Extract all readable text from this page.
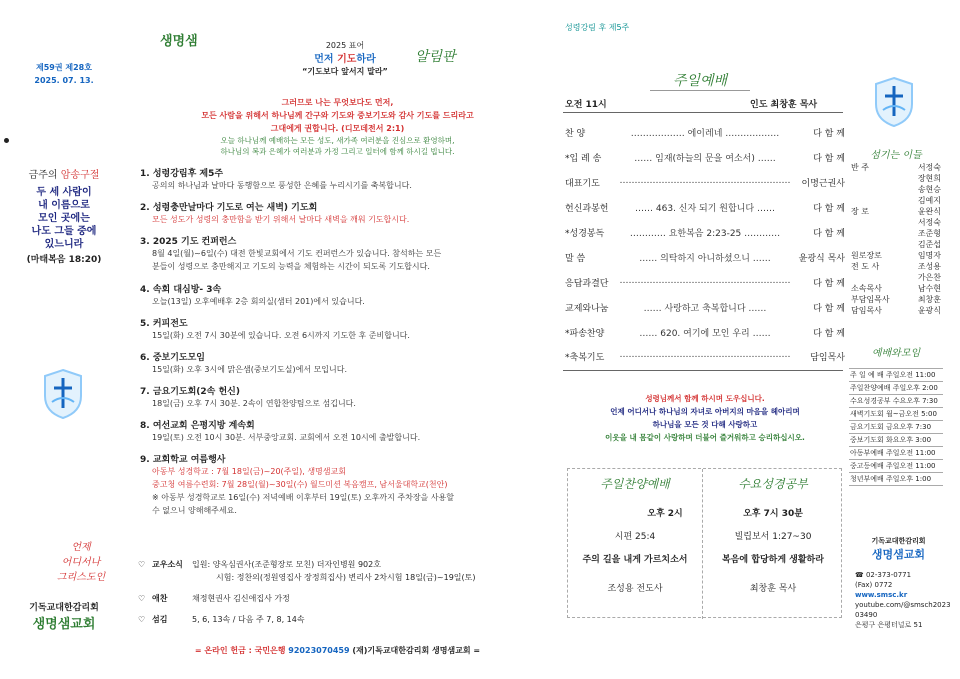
제59권 제28호
2025. 07. 13.
금주의 암송구절
두 세 사람이
내 이름으로
모인 곳에는
나도 그들 중에
있느니라
(마태복음 18:20)
언제
어디서나
그리스도인
기독교대한감리회
생명샘교회
생명샘	2025 표어
먼저 기도하라
“기도보다 앞서지 말라”
알림판
그러므로 나는 무엇보다도 먼저,
모든 사람을 위해서 하나님께 간구와 기도와 중보기도와 감사 기도를 드리라고
그대에게 권합니다. (디모데전서 2:1)
오늘 하나님께 예배하는 모든 성도, 새가족 여러분을 진심으로 환영하며,
하나님의 복과 은혜가 여러분과 가정 그리고 일터에 함께 하시길 빕니다.
1. 성령강림후 제5주
공의의 하나님과 날마다 동행함으로 풍성한 은혜를 누리시기를 축복합니다.
2. 성령충만날마다 기도로 여는 새벽) 기도회
모든 성도가 성령의 충만함을 받기 위해서 날마다 새벽을 깨워 기도합시다.
3. 2025 기도 컨퍼런스
8월 4일(월)~6일(수) 대전 한빛교회에서 기도 컨퍼런스가 있습니다. 참석하는 모든
분들이 성령으로 충만해지고 기도의 능력을 체험하는 시간이 되도록 기도합시다.
4. 속회 대심방- 3속
오늘(13일) 오후예배후 2층 회의실(샘터 201)에서 있습니다.
5. 커피전도
15일(화) 오전 7시 30분에 있습니다. 오전 6시까지 기도한 후 준비합니다.
6. 중보기도모임
15일(화) 오후 3시에 맑은샘(중보기도실)에서 모입니다.
7. 금요기도회(2속 헌신)
18일(금) 오후 7시 30분. 2속이 연합찬양팀으로 섬깁니다.
8. 여선교회 은평지방 계속회
19일(토) 오전 10시 30분. 서부중앙교회. 교회에서 오전 10시에 출발합니다.
9. 교회학교 여름행사
아동부 성경학교 : 7월 18일(금)~20(주일), 생명샘교회
중고청 여름수련회: 7월 28일(월)~30일(수) 월드미션 복음캠프, 남서울대학교(천안)
※ 아동부 성경학교로 16일(수) 저녁예배 이후부터 19일(토) 오후까지 주차장을 사용할
수 없으니 양해해주세요.
♡ 교우소식	입원: 양옥심권사(조준형장로 모친) 더자인병원 902호
시험: 정찬의(정원영집사 장정희집사) 변리사 2차시험 18일(금)~19일(토)
♡ 애찬	채정현권사 김신애집사 가정
♡ 섬김	5, 6, 13속 / 다음 주 7, 8, 14속
= 온라인 헌금 : 국민은행 92023070459 (재)기독교대한감리회 생명샘교회 =
성령강림 후 제5주
주일예배
오전 11시	인도 최창훈 목사
찬 양	……………… 에이레네 ………………	다 함 께
*입 례 송	…… 임재(하늘의 문을 여소서) ……	다 함 께
대표기도	…………………………………………………	이명근권사
헌신과봉헌	…… 463. 신자 되기 원합니다 ……	다 함 께
*성경봉독	………… 요한복음 2:23-25 …………	다 함 께
말 씀	…… 의탁하지 아니하셨으니 ……	윤광식 목사
응답과결단	…………………………………………………	다 함 께
교제와나눔	…… 사랑하고 축복합니다 ……	다 함 께
*파송찬양	…… 620. 여기에 모인 우리 ……	다 함 께
*축복기도	…………………………………………………	담임목사
성령님께서 함께 하시며 도우십니다.
언제 어디서나 하나님의 자녀로 아버지의 마음을 헤아리며
하나님을 모든 것 다해 사랑하고
이웃을 내 몸같이 사랑하며 더불어 즐거워하고 승리하십시오.
주일찬양예배
오후 2시
시편 25:4
주의 길을 내게 가르치소서
조성용 전도사
수요성경공부
오후 7시 30분
빌립보서 1:27~30
복음에 합당하게 생활하라
최창훈 목사
섬기는 이들
반 주	서정숙
장현희
송현승
김예지
장 로	윤완식
서정숙
조준형
김준섭
원로장로	임명자
전 도 사	조성용
가은찬
소속목사	남수현
부담임목사	최창훈
담임목사	윤광식
예배와모임
주 일 예 배 주일오전 11:00
주일찬양예배 주일오후 2:00
수요성경공부 수요오후 7:30
새벽기도회 월~금오전 5:00
금요기도회 금요오후 7:30
중보기도회 화요오후 3:00
아동부예배 주일오전 11:00
중고등예배 주일오전 11:00
청년부예배 주일오후 1:00
기독교대한감리회
생명샘교회
☎ 02-373-0771
(Fax) 0772
www.smsc.kr
youtube.com/@smsch2023
03490
은평구 은평터널로 51
